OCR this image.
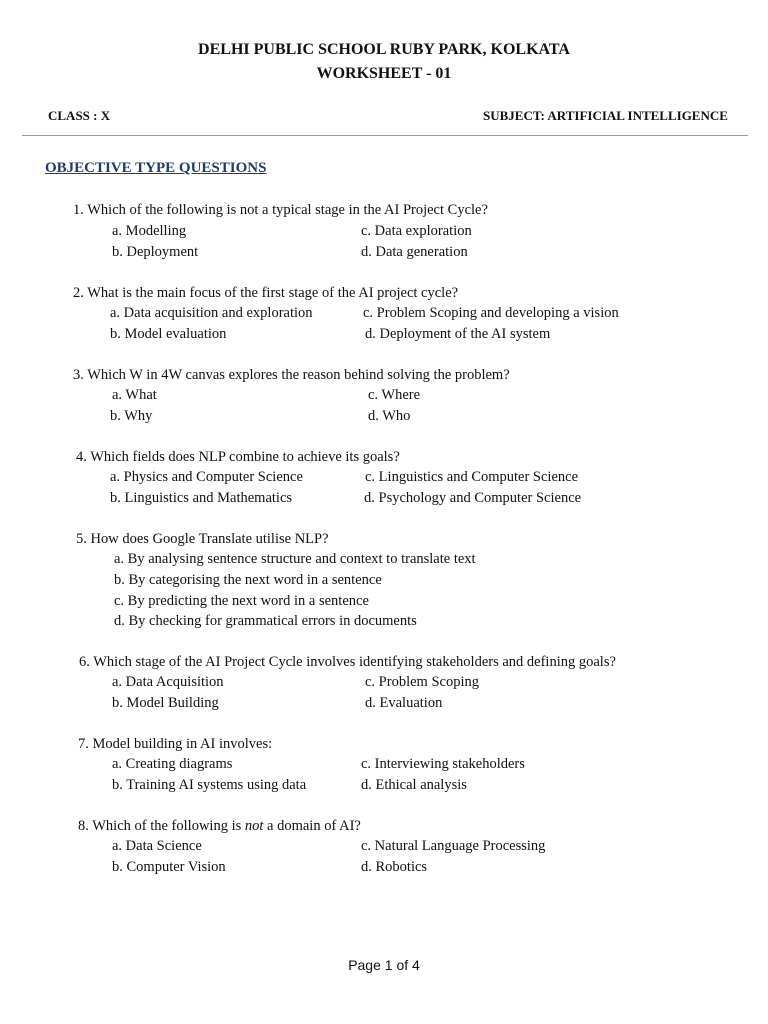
DELHI PUBLIC SCHOOL RUBY PARK, KOLKATA
WORKSHEET - 01
CLASS : X	SUBJECT: ARTIFICIAL INTELLIGENCE
OBJECTIVE TYPE QUESTIONS
1. Which of the following is not a typical stage in the AI Project Cycle?
a. Modelling	c. Data exploration
b. Deployment	d. Data generation
2. What is the main focus of the first stage of the AI project cycle?
a. Data acquisition and exploration	c. Problem Scoping and developing a vision
b. Model evaluation	d. Deployment of the AI system
3. Which W in 4W canvas explores the reason behind solving the problem?
a. What	c. Where
b. Why	d. Who
4. Which fields does NLP combine to achieve its goals?
a. Physics and Computer Science	c. Linguistics and Computer Science
b. Linguistics and Mathematics	d. Psychology and Computer Science
5. How does Google Translate utilise NLP?
a. By analysing sentence structure and context to translate text
b. By categorising the next word in a sentence
c. By predicting the next word in a sentence
d. By checking for grammatical errors in documents
6. Which stage of the AI Project Cycle involves identifying stakeholders and defining goals?
a. Data Acquisition	c. Problem Scoping
b. Model Building	d. Evaluation
7. Model building in AI involves:
a. Creating diagrams	c. Interviewing stakeholders
b. Training AI systems using data	d. Ethical analysis
8. Which of the following is not a domain of AI?
a. Data Science	c. Natural Language Processing
b. Computer Vision	d. Robotics
Page 1 of 4
